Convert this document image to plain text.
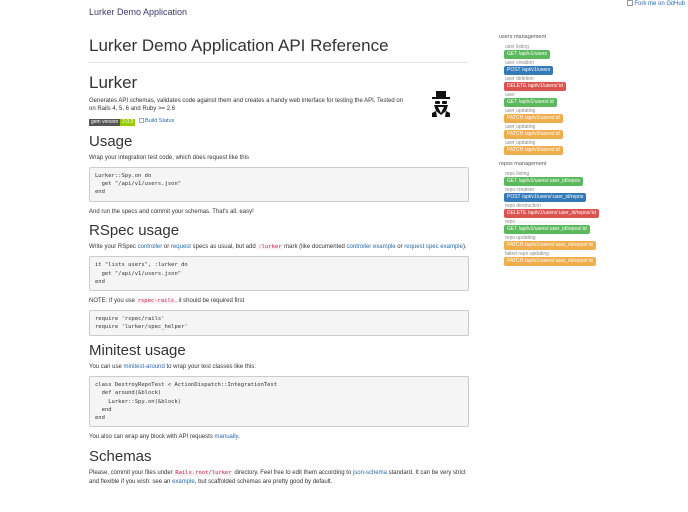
Lurker Demo Application
Fork me on GitHub
Lurker Demo Application API Reference
Lurker

Generates API schemas, validates code against them and creates a handy web interface for testing the API. Tested on on Rails 4, 5, 6 and Ruby >= 2.6

gem version 2.0.0 Build Status
Usage

Wrap your integration test code, which does request like this

Lurker::Spy.on do
get "/api/v1/users.json"
end

And run the specs and commit your schemas. That's all, easy!

RSpec usage

Write your RSpec controller or request specs as usual, but add :lurker mark (like documented controller example or request spec example).

it "lists users", :lurker do
get "/api/v1/users.json"
end

NOTE: If you use rspec-rails, it should be required first

require 'rspec/rails'
require 'lurker/spec_helper'
Minitest usage

You can use minitest-around to wrap your test classes like this:

class DestroyRepoTest < ActionDispatch::IntegrationTest
def around(&block)
Lurker::Spy.on(&block)
end
end

You also can wrap any block with API requests manually.

Schemas

Please, commit your files under Rails.root/lurker directory. Feel free to edit them according to json-schema standard. It can be very strict and flexible if you wish: see an example, but scaffolded schemas are pretty good by default.

users management
user listing
GET /api/v1/users
user creation
POST /api/v1/users
user deletion
DELETE /api/v1/users/:id
user
GET /api/v1/users/:id
user updating
PATCH /api/v1/users/:id
user updating
PATCH /api/v2/users/:id
user updating
PATCH /api/v3/users/:id
repos management
repo listing
GET /api/v1/users/:user_id/repos
repo creation
POST /api/v1/users/:user_id/repos
repo destruction
DELETE /api/v1/users/:user_id/repos/:id
repo
GET /api/v1/users/:user_id/repos/:id
repo updating
PATCH /api/v1/users/:user_id/repos/:id
failed repo updating
PATCH /api/v1/users/:user_id/repos/:id
